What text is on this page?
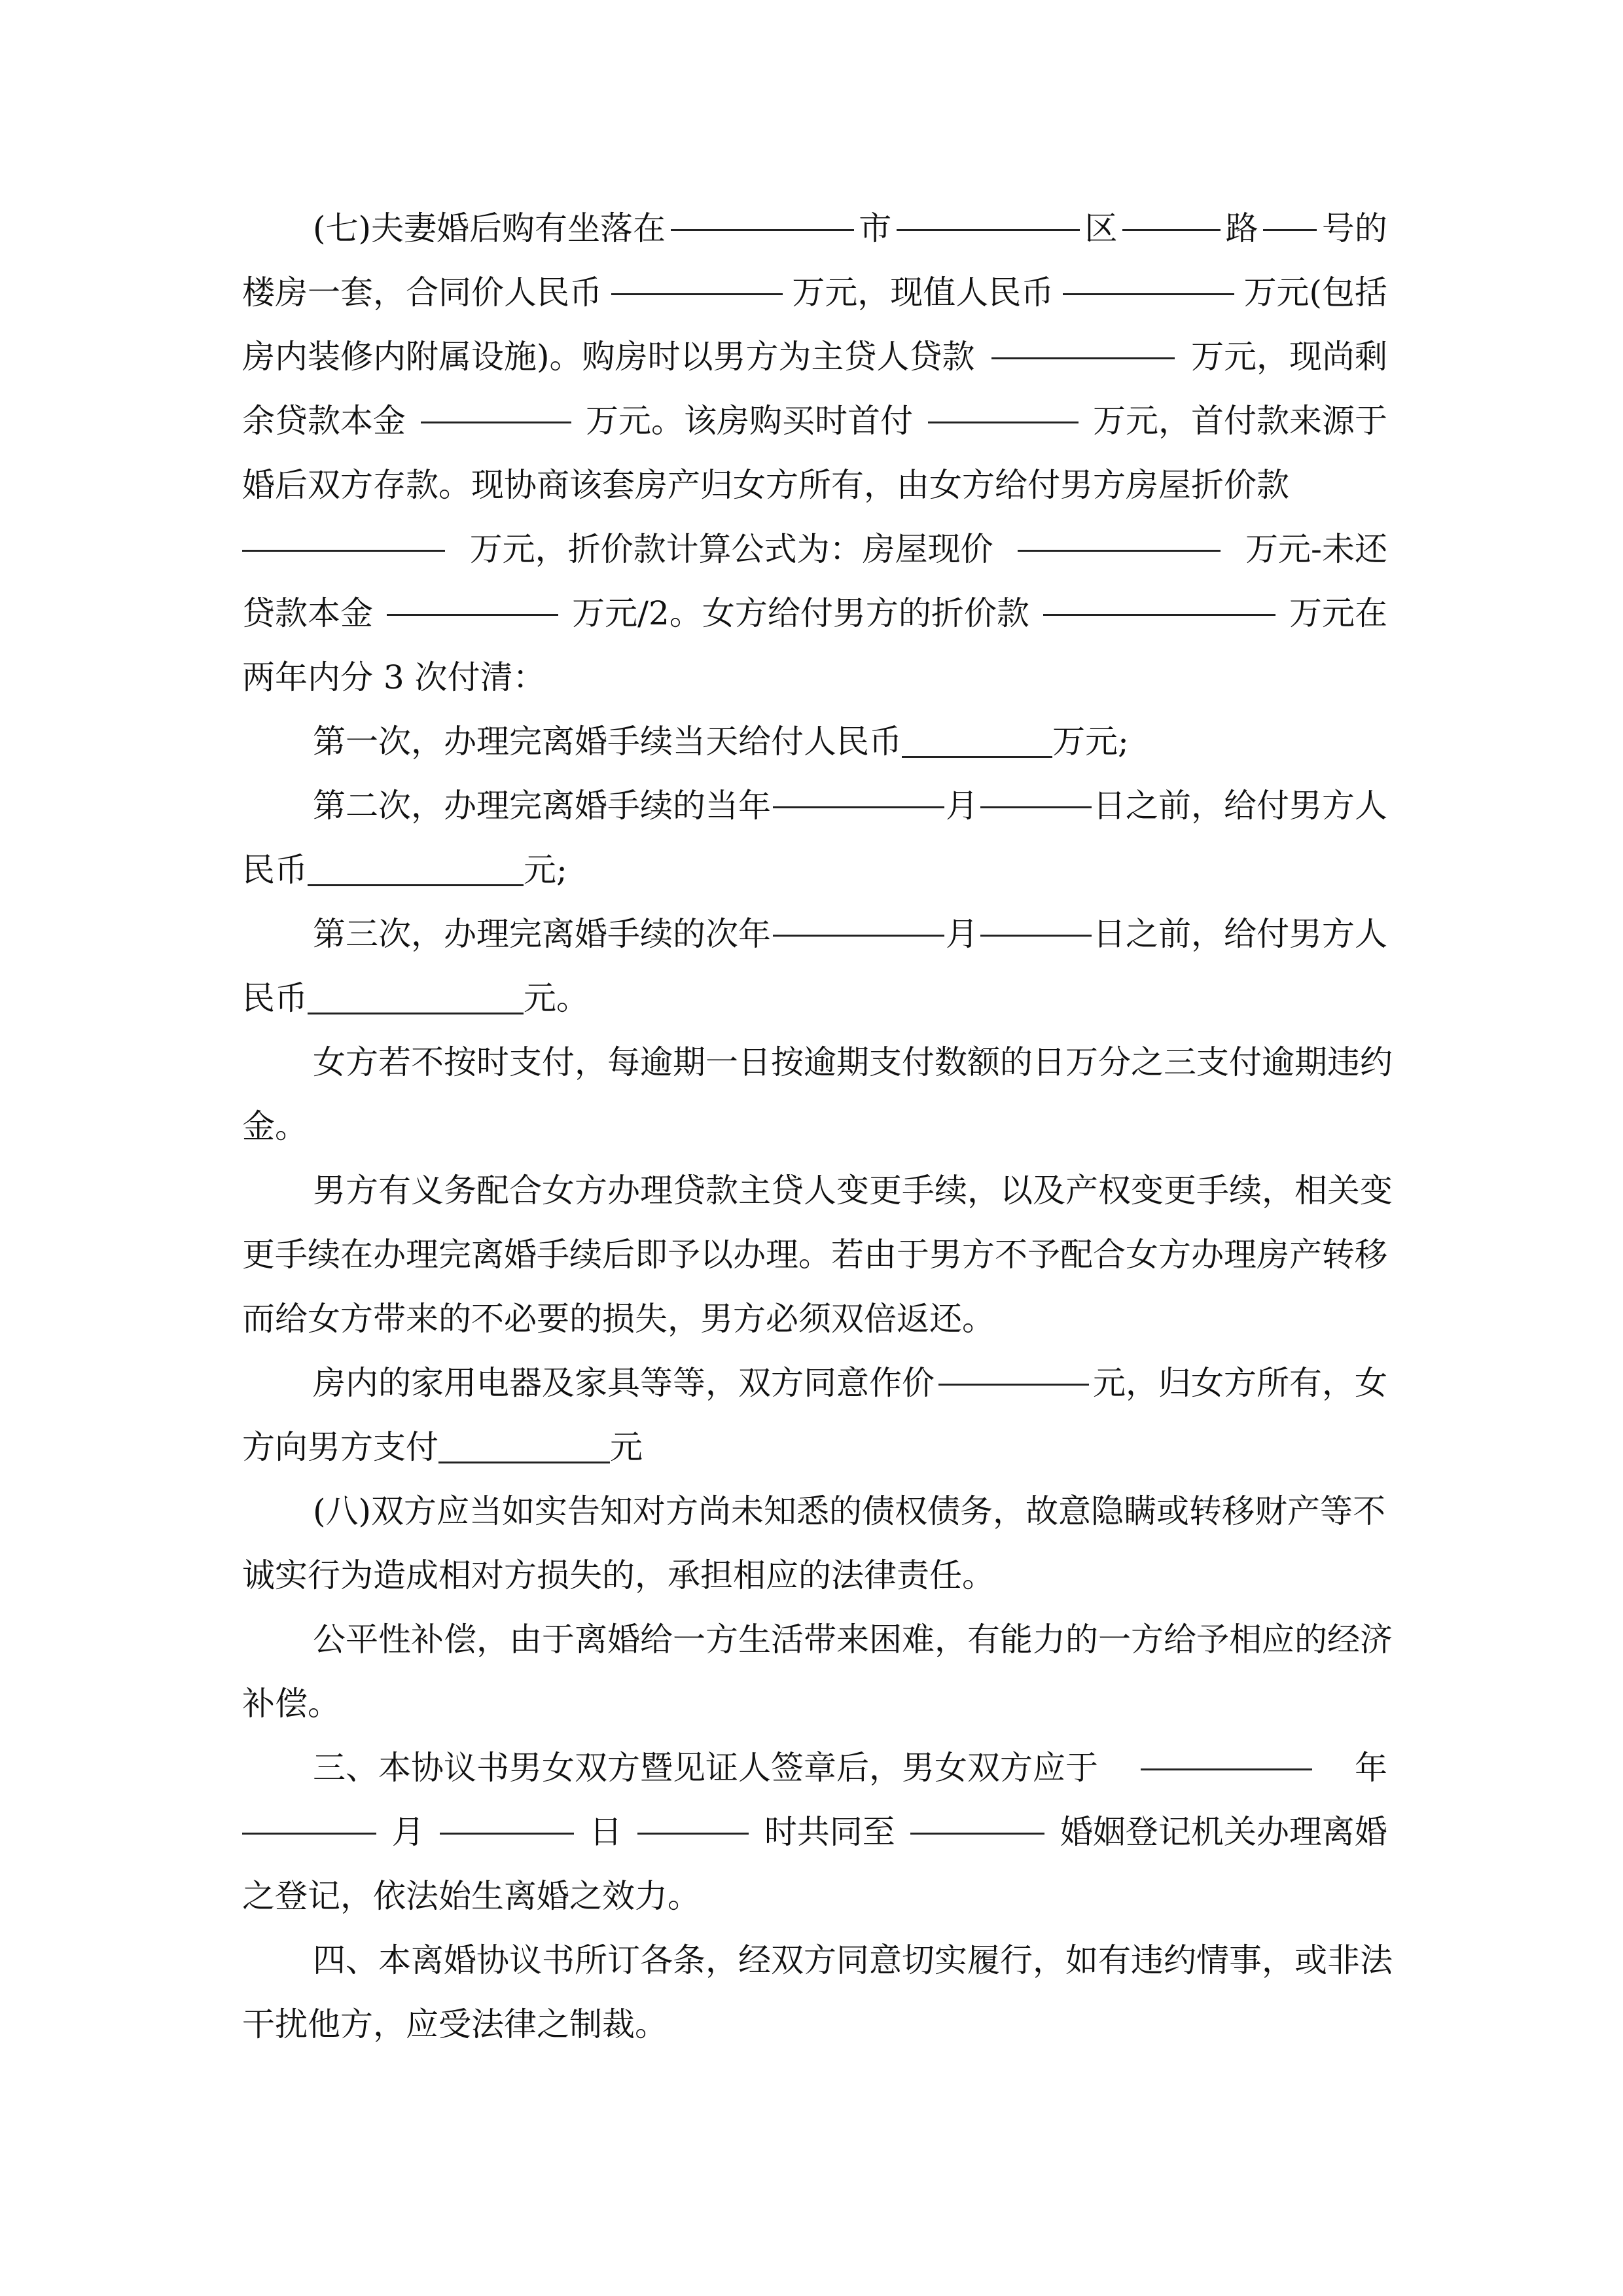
(七)夫妻婚后购有坐落在	市	区	路 号的
楼房一套，合同价人民币	万元，现值人民币	万元(包括
房内装修内附属设施)。购房时以男方为主贷人贷款	万元，现尚剩
余贷款本金	万元。该房购买时首付	万元，首付款来源于
婚后双方存款。现协商该套房产归女方所有，由女方给付男方房屋折价款
万元，折价款计算公式为：房屋现价	万元-未还
贷款本金	万元/2。女方给付男方的折价款	万元在
两年内分 3 次付清：
第一次，办理完离婚手续当天给付人民币	万元;
第二次，办理完离婚手续的当年	月	日之前，给付男方人
民币	元;
第三次，办理完离婚手续的次年	月	日之前，给付男方人
民币	元。
女方若不按时支付，每逾期一日按逾期支付数额的日万分之三支付逾期违约
金。
男方有义务配合女方办理贷款主贷人变更手续，以及产权变更手续，相关变
更手续在办理完离婚手续后即予以办理。若由于男方不予配合女方办理房产转移
而给女方带来的不必要的损失，男方必须双倍返还。
房内的家用电器及家具等等，双方同意作价	元，归女方所有，女
方向男方支付	元
(八)双方应当如实告知对方尚未知悉的债权债务，故意隐瞒或转移财产等不
诚实行为造成相对方损失的，承担相应的法律责任。
公平性补偿，由于离婚给一方生活带来困难，有能力的一方给予相应的经济
补偿。
三、本协议书男女双方暨见证人签章后，男女双方应于	年
月	日	时共同至	婚姻登记机关办理离婚
之登记，依法始生离婚之效力。
四、本离婚协议书所订各条，经双方同意切实履行，如有违约情事，或非法
干扰他方，应受法律之制裁。
